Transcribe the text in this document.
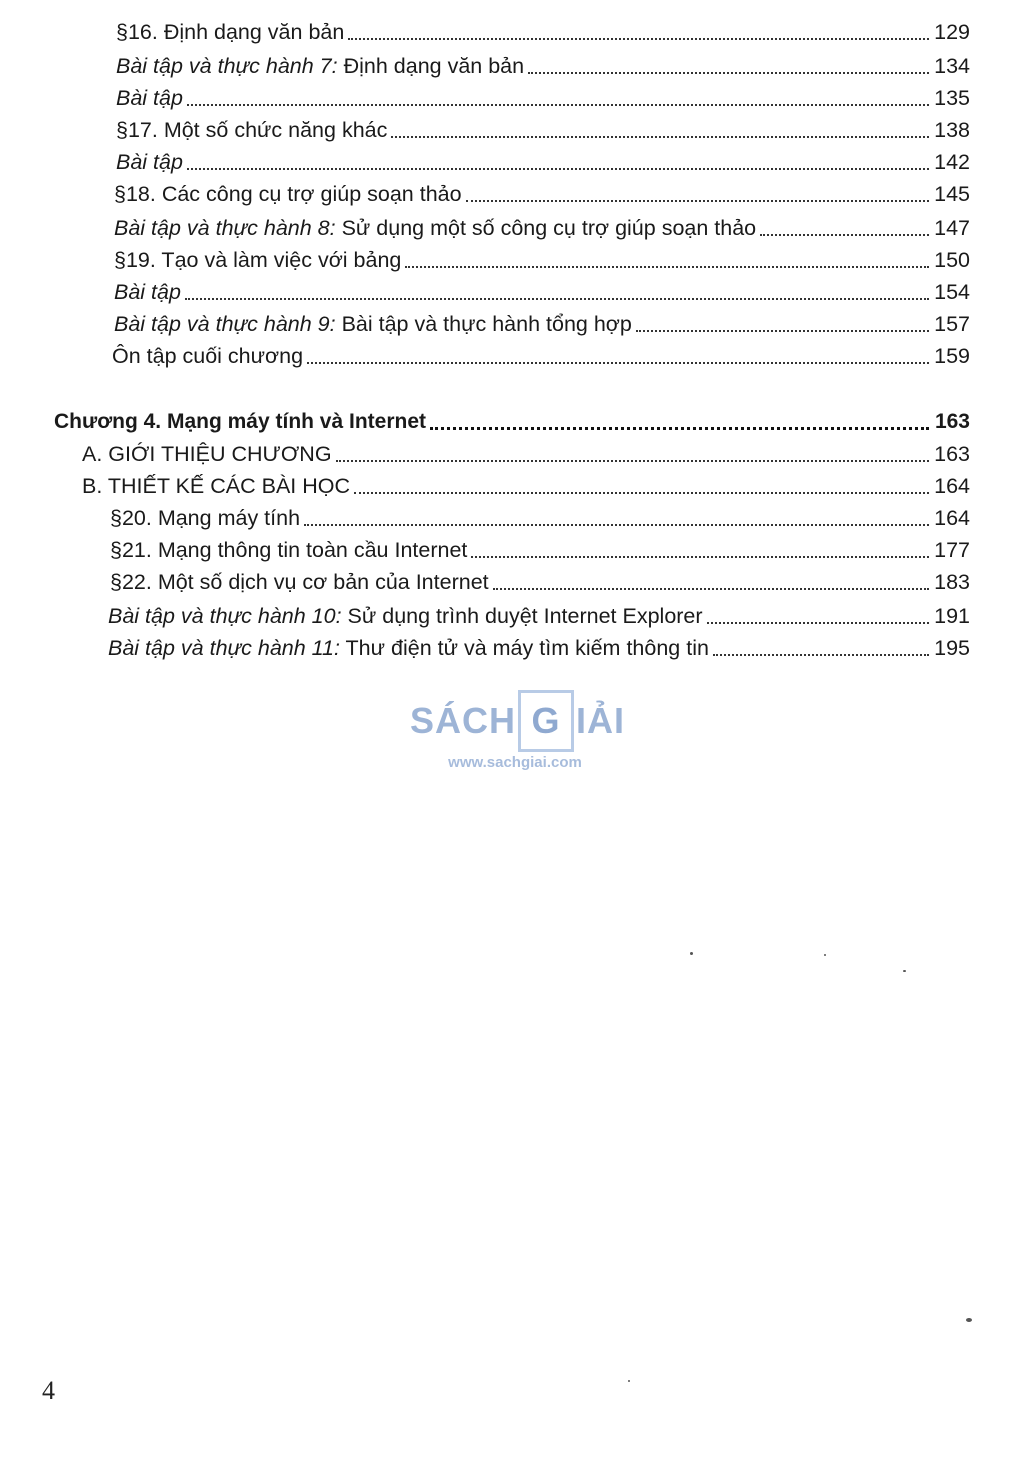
§16. Định dạng văn bản	129
Bài tập và thực hành 7: Định dạng văn bản	134
Bài tập	135
§17. Một số chức năng khác	138
Bài tập	142
§18. Các công cụ trợ giúp soạn thảo	145
Bài tập và thực hành 8: Sử dụng một số công cụ trợ giúp soạn thảo	147
§19. Tạo và làm việc với bảng	150
Bài tập	154
Bài tập và thực hành 9: Bài tập và thực hành tổng hợp	157
Ôn tập cuối chương	159
Chương 4. Mạng máy tính và Internet	163
A. GIỚI THIỆU CHƯƠNG	163
B. THIẾT KẾ CÁC BÀI HỌC	164
§20. Mạng máy tính	164
§21. Mạng thông tin toàn cầu Internet	177
§22. Một số dịch vụ cơ bản của Internet	183
Bài tập và thực hành 10: Sử dụng trình duyệt Internet Explorer	191
Bài tập và thực hành 11: Thư điện tử và máy tìm kiếm thông tin	195
SÁCH G IẢI
www.sachgiai.com
4
